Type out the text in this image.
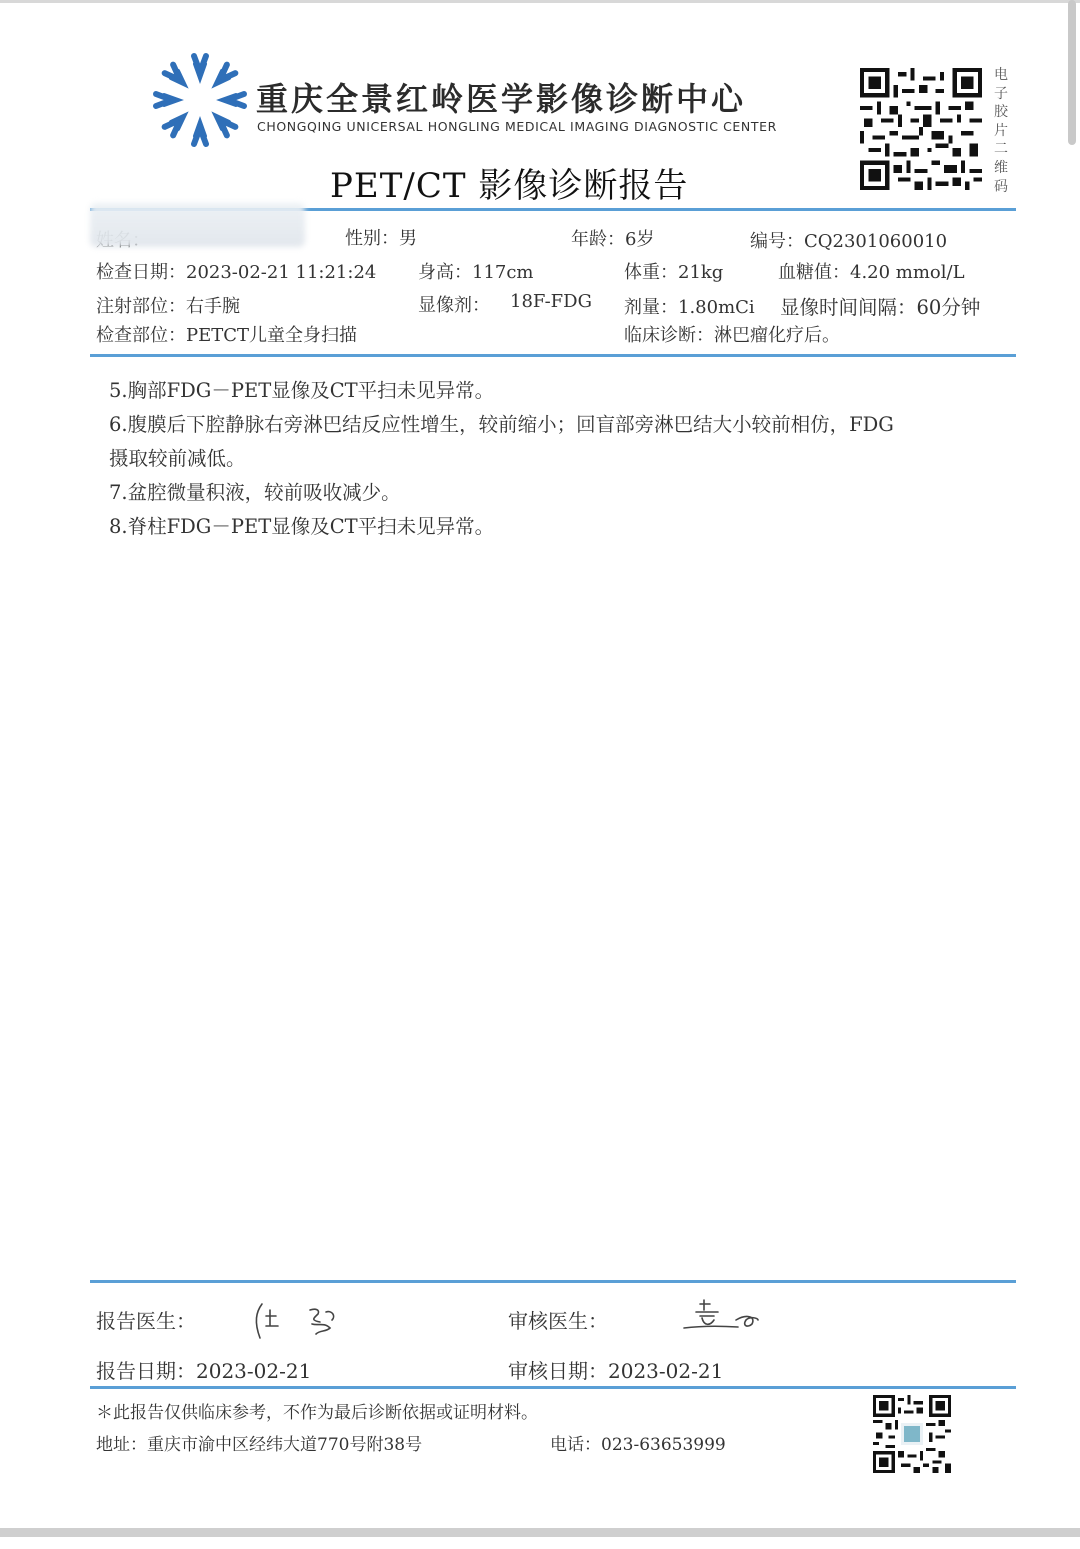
重庆全景红岭医学影像诊断中心
CHONGQING UNICERSAL HONGLING MEDICAL IMAGING DIAGNOSTIC CENTER
PET/CT 影像诊断报告
电子胶片二维码
性别：男	年龄：6岁	编号：CQ2301060010
检查日期：2023-02-21 11:21:24 身高：117cm	体重：21kg	血糖值：4.20 mmol/L
注射部位：右手腕	显像剂： 18F-FDG 剂量：1.80mCi 显像时间间隔：60分钟
检查部位：PETCT儿童全身扫描	临床诊断：淋巴瘤化疗后。
5.胸部FDG－PET显像及CT平扫未见异常。
6.腹膜后下腔静脉右旁淋巴结反应性增生，较前缩小；回盲部旁淋巴结大小较前相仿，FDG
摄取较前减低。
7.盆腔微量积液，较前吸收减少。
8.脊柱FDG－PET显像及CT平扫未见异常。
报告医生：	审核医生：
报告日期：2023-02-21	审核日期：2023-02-21
＊此报告仅供临床参考，不作为最后诊断依据或证明材料。
地址：重庆市渝中区经纬大道770号附38号	电话：023-63653999
